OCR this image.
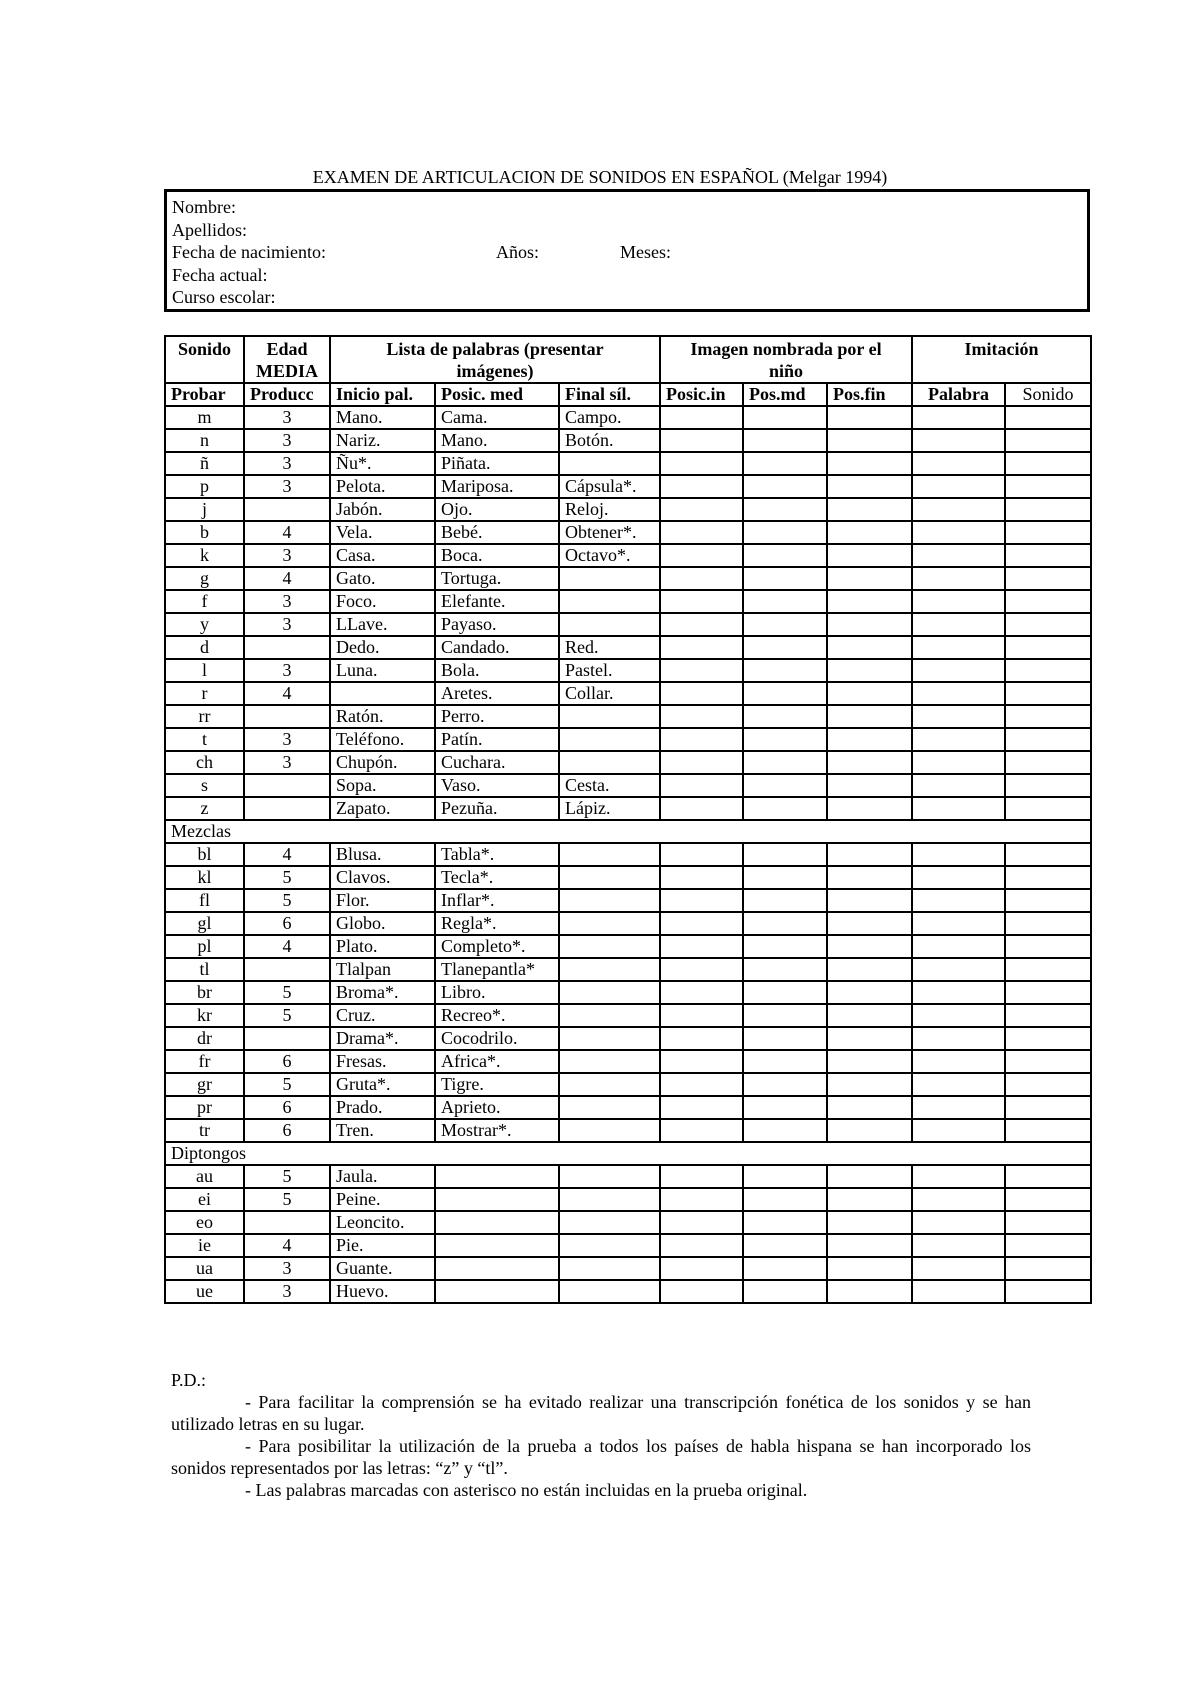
EXAMEN DE ARTICULACION DE SONIDOS EN ESPAÑOL (Melgar 1994)
Nombre:
Apellidos:
Fecha de nacimiento:	Años:	Meses:
Fecha actual:
Curso escolar:
Sonido	Edad MEDIA	Lista de palabras (presentar imágenes)			Imagen nombrada por el niño			Imitación	
Probar	Producc	Inicio pal.	Posic. med	Final síl.	Posic.in	Pos.md	Pos.fin	Palabra	Sonido
m	3	Mano.	Cama.	Campo.					
n	3	Nariz.	Mano.	Botón.					
ñ	3	Ñu*.	Piñata.						
p	3	Pelota.	Mariposa.	Cápsula*.					
j		Jabón.	Ojo.	Reloj.					
b	4	Vela.	Bebé.	Obtener*.					
k	3	Casa.	Boca.	Octavo*.					
g	4	Gato.	Tortuga.						
f	3	Foco.	Elefante.						
y	3	LLave.	Payaso.						
d		Dedo.	Candado.	Red.					
l	3	Luna.	Bola.	Pastel.					
r	4		Aretes.	Collar.					
rr		Ratón.	Perro.						
t	3	Teléfono.	Patín.						
ch	3	Chupón.	Cuchara.						
s		Sopa.	Vaso.	Cesta.					
z		Zapato.	Pezuña.	Lápiz.					
Mezclas									
bl	4	Blusa.	Tabla*.						
kl	5	Clavos.	Tecla*.						
fl	5	Flor.	Inflar*.						
gl	6	Globo.	Regla*.						
pl	4	Plato.	Completo*.						
tl		Tlalpan	Tlanepantla*						
br	5	Broma*.	Libro.						
kr	5	Cruz.	Recreo*.						
dr		Drama*.	Cocodrilo.						
fr	6	Fresas.	Africa*.						
gr	5	Gruta*.	Tigre.						
pr	6	Prado.	Aprieto.						
tr	6	Tren.	Mostrar*.						
Diptongos									
au	5	Jaula.							
ei	5	Peine.							
eo		Leoncito.							
ie	4	Pie.							
ua	3	Guante.							
ue	3	Huevo.							

P.D.:

- Para facilitar la comprensión se ha evitado realizar una transcripción fonética de los sonidos y se han utilizado letras en su lugar.

- Para posibilitar la utilización de la prueba a todos los países de habla hispana se han incorporado los sonidos representados por las letras: “z” y “tl”.

- Las palabras marcadas con asterisco no están incluidas en la prueba original.
